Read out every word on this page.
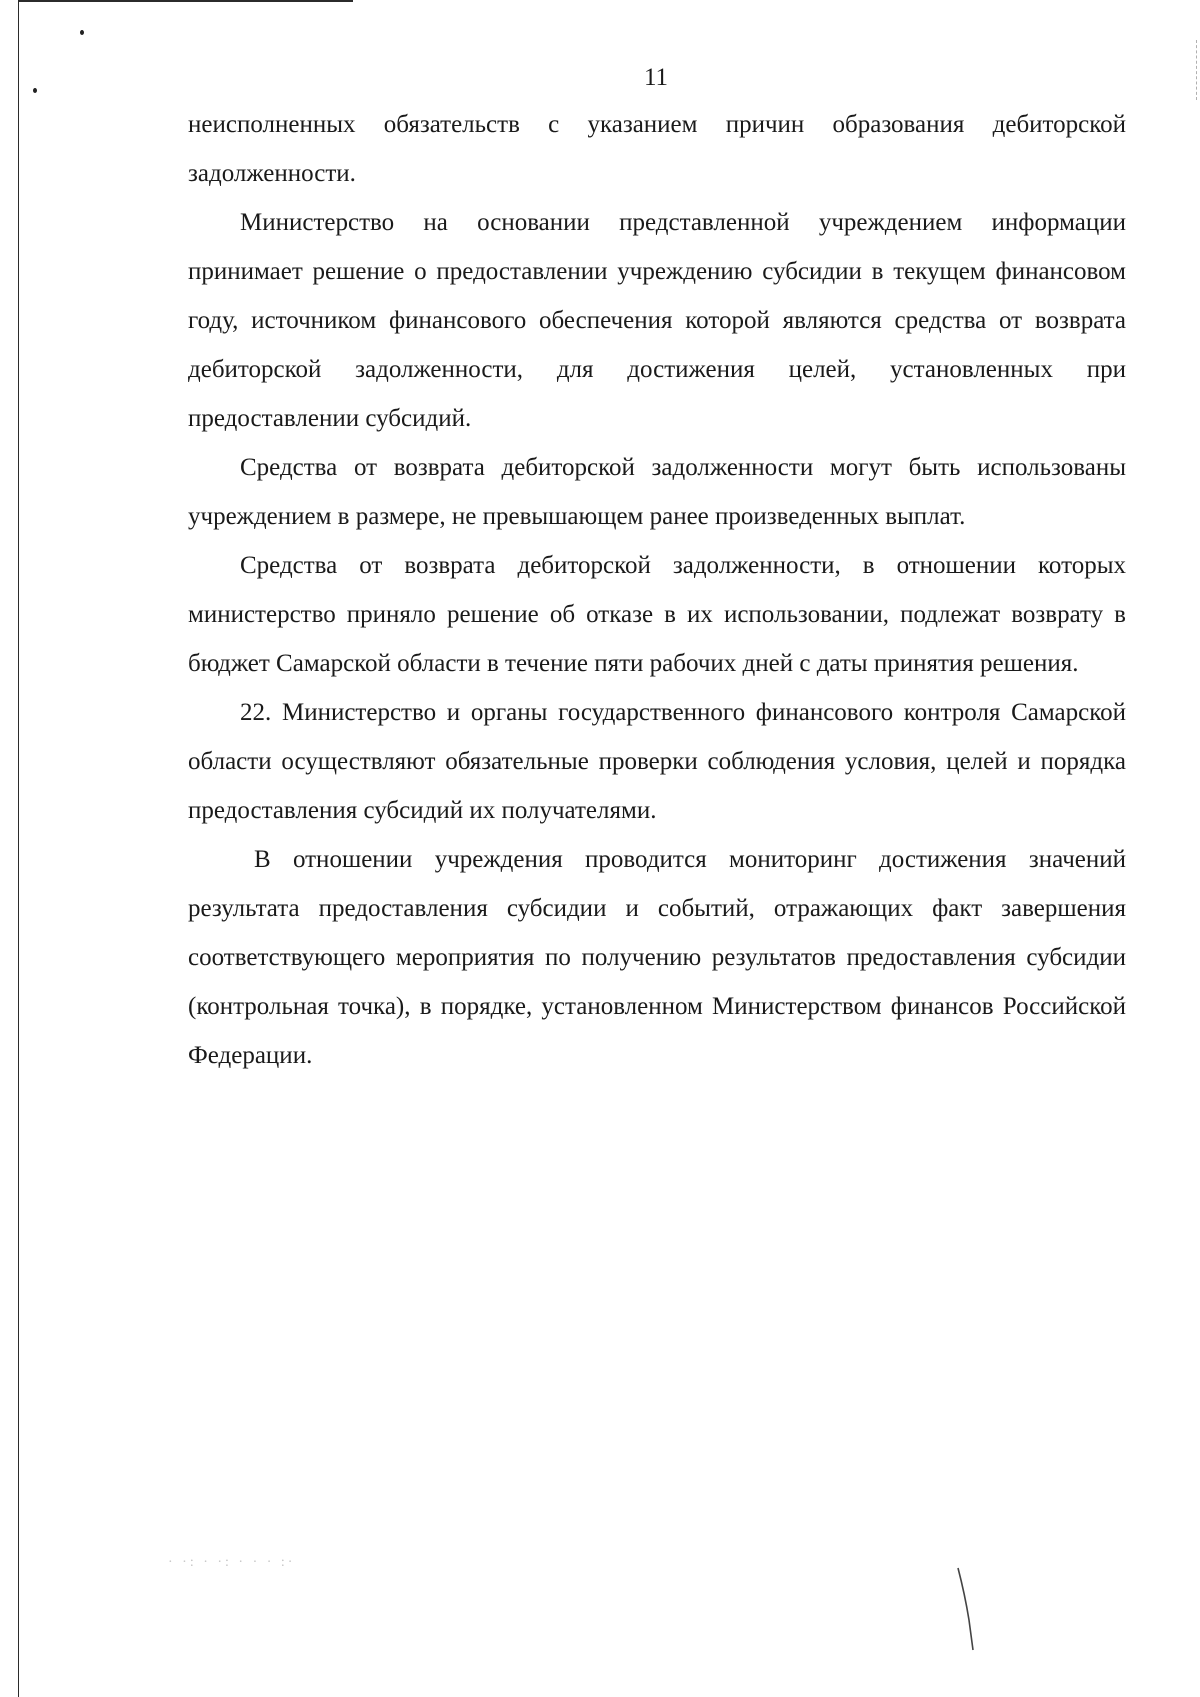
11

неисполненных обязательств с указанием причин образования дебиторской задолженности.

Министерство на основании представленной учреждением информации принимает решение о предоставлении учреждению субсидии в текущем финансовом году, источником финансового обеспечения которой являются средства от возврата дебиторской задолженности, для достижения целей, установленных при предоставлении субсидий.

Средства от возврата дебиторской задолженности могут быть использованы учреждением в размере, не превышающем ранее произведенных выплат.

Средства от возврата дебиторской задолженности, в отношении которых министерство приняло решение об отказе в их использовании, подлежат возврату в бюджет Самарской области в течение пяти рабочих дней с даты принятия решения.

22. Министерство и органы государственного финансового контроля Самарской области осуществляют обязательные проверки соблюдения условия, целей и порядка предоставления субсидий их получателями.

В отношении учреждения проводится мониторинг достижения значений результата предоставления субсидии и событий, отражающих факт завершения соответствующего мероприятия по получению результатов предоставления субсидии (контрольная точка), в порядке, установленном Министерством финансов Российской Федерации.

· ·: · ·: · · · :·
